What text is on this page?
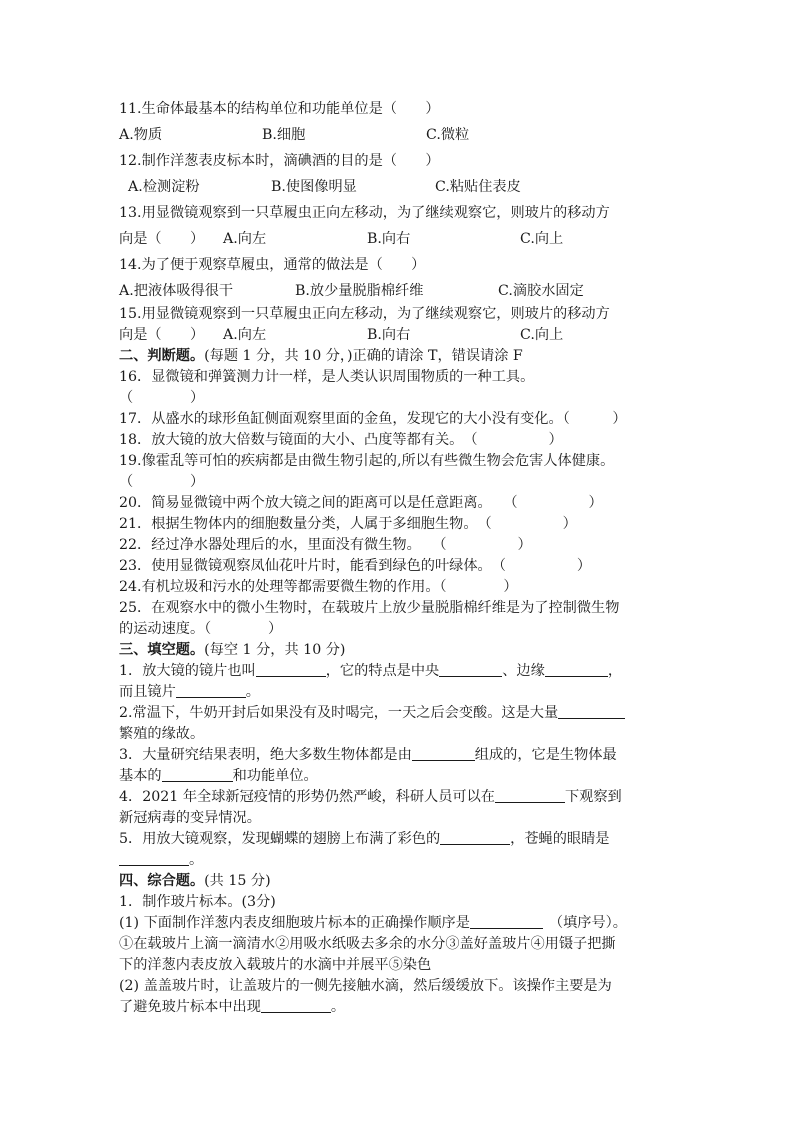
11.生命体最基本的结构单位和功能单位是（　　）
A.物质	B.细胞	C.微粒
12.制作洋葱表皮标本时，滴碘酒的目的是（　　）
A.检测淀粉	B.使图像明显	C.粘贴住表皮
13.用显微镜观察到一只草履虫正向左移动，为了继续观察它，则玻片的移动方
向是（　　） A.向左	B.向右	C.向上
14.为了便于观察草履虫，通常的做法是（　　）
A.把液体吸得很干	B.放少量脱脂棉纤维	C.滴胶水固定
15.用显微镜观察到一只草履虫正向左移动，为了继续观察它，则玻片的移动方
向是（　　） A.向左	B.向右	C.向上
二、判断题。(每题 1 分，共 10 分，)正确的请涂 T，错误请涂 F
16．显微镜和弹簧测力计一样，是人类认识周围物质的一种工具。
（　　　　）
17．从盛水的球形鱼缸侧面观察里面的金鱼，发现它的大小没有变化。（　　　）
18．放大镜的放大倍数与镜面的大小、凸度等都有关。　（　　　　　）
19.像霍乱等可怕的疾病都是由微生物引起的,所以有些微生物会危害人体健康。
（　　　　）
20．简易显微镜中两个放大镜之间的距离可以是任意距离。　 （　　　　　）
21．根据生物体内的细胞数量分类，人属于多细胞生物。　（　　　　　）
22．经过净水器处理后的水，里面没有微生物。　 （　　　　　）
23．使用显微镜观察凤仙花叶片时，能看到绿色的叶绿体。　（　　　　　）
24.有机垃圾和污水的处理等都需要微生物的作用。（　　　　）
25．在观察水中的微小生物时，在载玻片上放少量脱脂棉纤维是为了控制微生物
的运动速度。（　　　　）
三、填空题。(每空 1 分，共 10 分)
1．放大镜的镜片也叫	，它的特点是中央	、边缘	，
而且镜片	。
2.常温下，牛奶开封后如果没有及时喝完，一天之后会变酸。这是大量
繁殖的缘故。
3．大量研究结果表明，绝大多数生物体都是由	组成的，它是生物体最
基本的	和功能单位。
4．2021 年全球新冠疫情的形势仍然严峻，科研人员可以在	下观察到
新冠病毒的变异情况。
5．用放大镜观察，发现蝴蝶的翅膀上布满了彩色的	，苍蝇的眼睛是
。
四、综合题。(共 15 分)
1．制作玻片标本。(3分)
(1) 下面制作洋葱内表皮细胞玻片标本的正确操作顺序是	（填序号）。
①在载玻片上滴一滴清水②用吸水纸吸去多余的水分③盖好盖玻片④用镊子把撕
下的洋葱内表皮放入载玻片的水滴中并展平⑤染色
(2) 盖盖玻片时，让盖玻片的一侧先接触水滴，然后缓缓放下。该操作主要是为
了避免玻片标本中出现	。
